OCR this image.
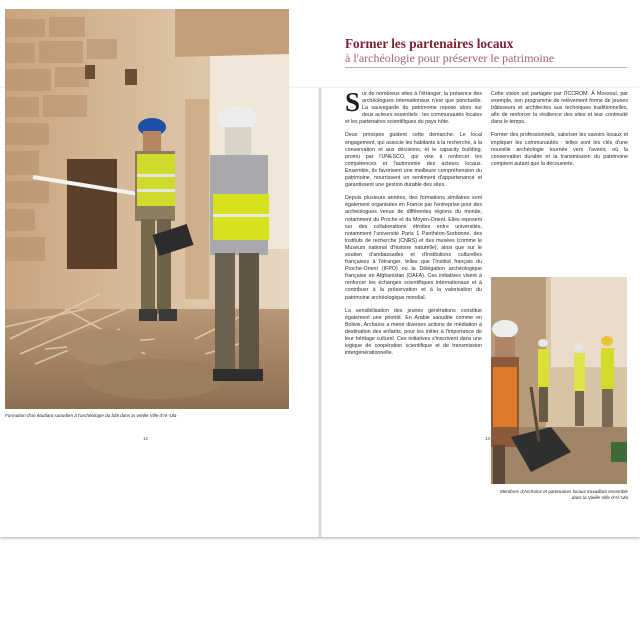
Formation d'un étudiant saoudien à l'archéologie du bâti dans la Vieille Ville d'Al-'Ula
12
Former les partenaires locaux
à l'archéologie pour préserver le patrimoine

Sur de nombreux sites à l'étranger, la présence des archéologues internationaux n'est que ponctuelle. La sauvegarde du patrimoine repose alors sur deux acteurs essentiels : les communautés locales et les partenaires scientifiques du pays hôte.

Deux principes guident cette démarche. Le local engagement, qui associe les habitants à la recherche, à la conservation et aux décisions, et le capacity building, promu par l'UNESCO, qui vise à renforcer les compétences et l'autonomie des acteurs locaux. Ensemble, ils favorisent une meilleure compréhension du patrimoine, nourrissent un sentiment d'appartenance et garantissent une gestion durable des sites.

Depuis plusieurs années, des formations similaires sont également organisées en France par l'entreprise pour des archéologues venus de différentes régions du monde, notamment du Proche et du Moyen-Orient. Elles reposent sur des collaborations étroites entre universités, notamment l'université Paris 1 Panthéon-Sorbonne, des instituts de recherche (CNRS) et des musées (comme le Muséum national d'histoire naturelle), ainsi que sur le soutien d'ambassades et d'institutions culturelles françaises à l'étranger, telles que l'Institut français du Proche-Orient (IFPO) ou la Délégation archéologique française en Afghanistan (DAFA). Ces initiatives visent à renforcer les échanges scientifiques internationaux et à contribuer à la préservation et à la valorisation du patrimoine archéologique mondial.

La sensibilisation des jeunes générations constitue également une priorité. En Arabie saoudite comme en Bolivie, Archaïos a mené diverses actions de médiation à destination des enfants, pour les initier à l'importance de leur héritage culturel. Ces initiatives s'inscrivent dans une logique de coopération scientifique et de transmission intergénérationnelle.

Cette vision est partagée par l'ICCROM. À Mossoul, par exemple, son programme de relèvement forme de jeunes bâtisseurs et architectes aux techniques traditionnelles, afin de renforcer la résilience des sites et leur continuité dans le temps.

Former des professionnels, valoriser les savoirs locaux et impliquer les communautés : telles sont les clés d'une nouvelle archéologie tournée vers l'avenir, où la conservation durable et la transmission du patrimoine comptent autant que la découverte.

Membres d'Archaïos et partenaires locaux travaillant ensemble dans la Vieille Ville d'Al-'Ula
13
